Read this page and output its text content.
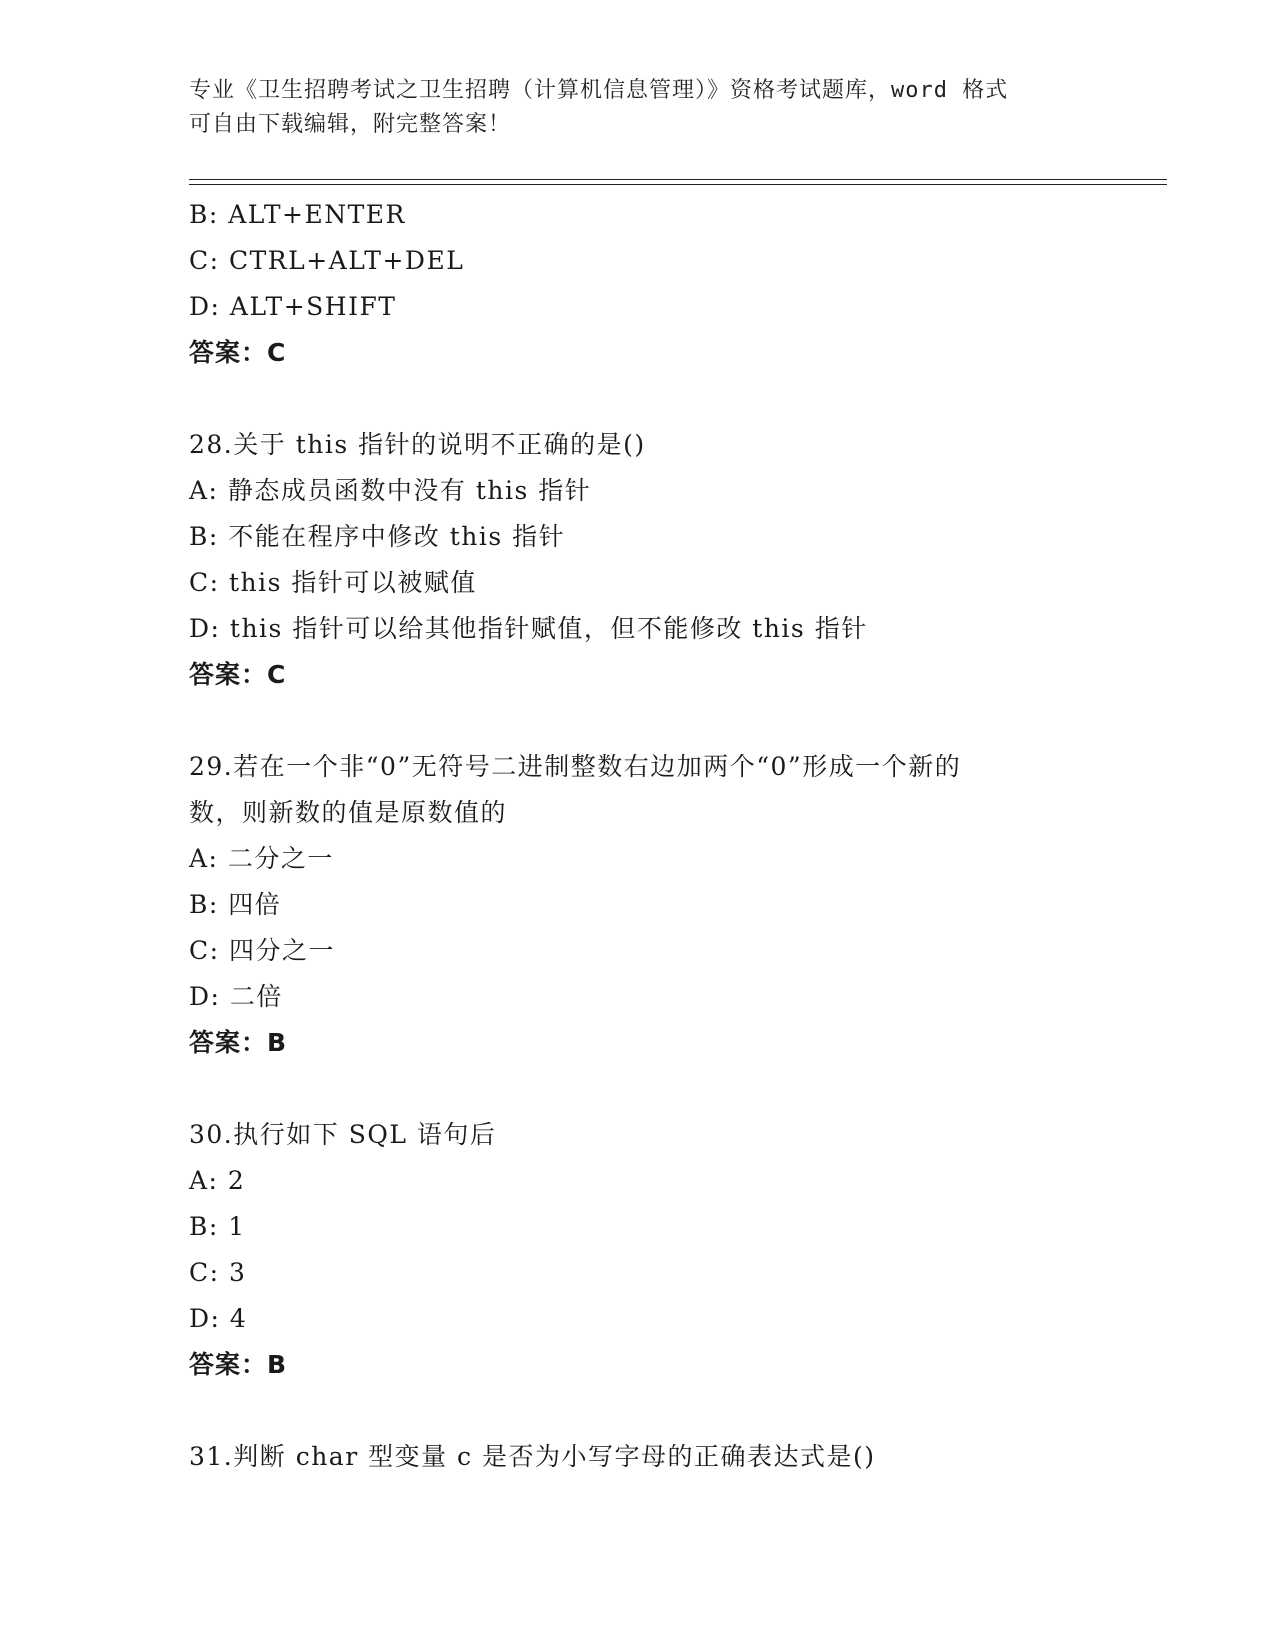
专业《卫生招聘考试之卫生招聘（计算机信息管理）》资格考试题库，word 格式
可自由下载编辑，附完整答案！
B: ALT+ENTER
C: CTRL+ALT+DEL
D: ALT+SHIFT
答案：C
28.关于 this 指针的说明不正确的是()
A: 静态成员函数中没有 this 指针
B: 不能在程序中修改 this 指针
C: this 指针可以被赋值
D: this 指针可以给其他指针赋值，但不能修改 this 指针
答案：C
29.若在一个非“0”无符号二进制整数右边加两个“0”形成一个新的
数，则新数的值是原数值的
A: 二分之一
B: 四倍
C: 四分之一
D: 二倍
答案：B
30.执行如下 SQL 语句后
A: 2
B: 1
C: 3
D: 4
答案：B
31.判断 char 型变量 c 是否为小写字母的正确表达式是()
